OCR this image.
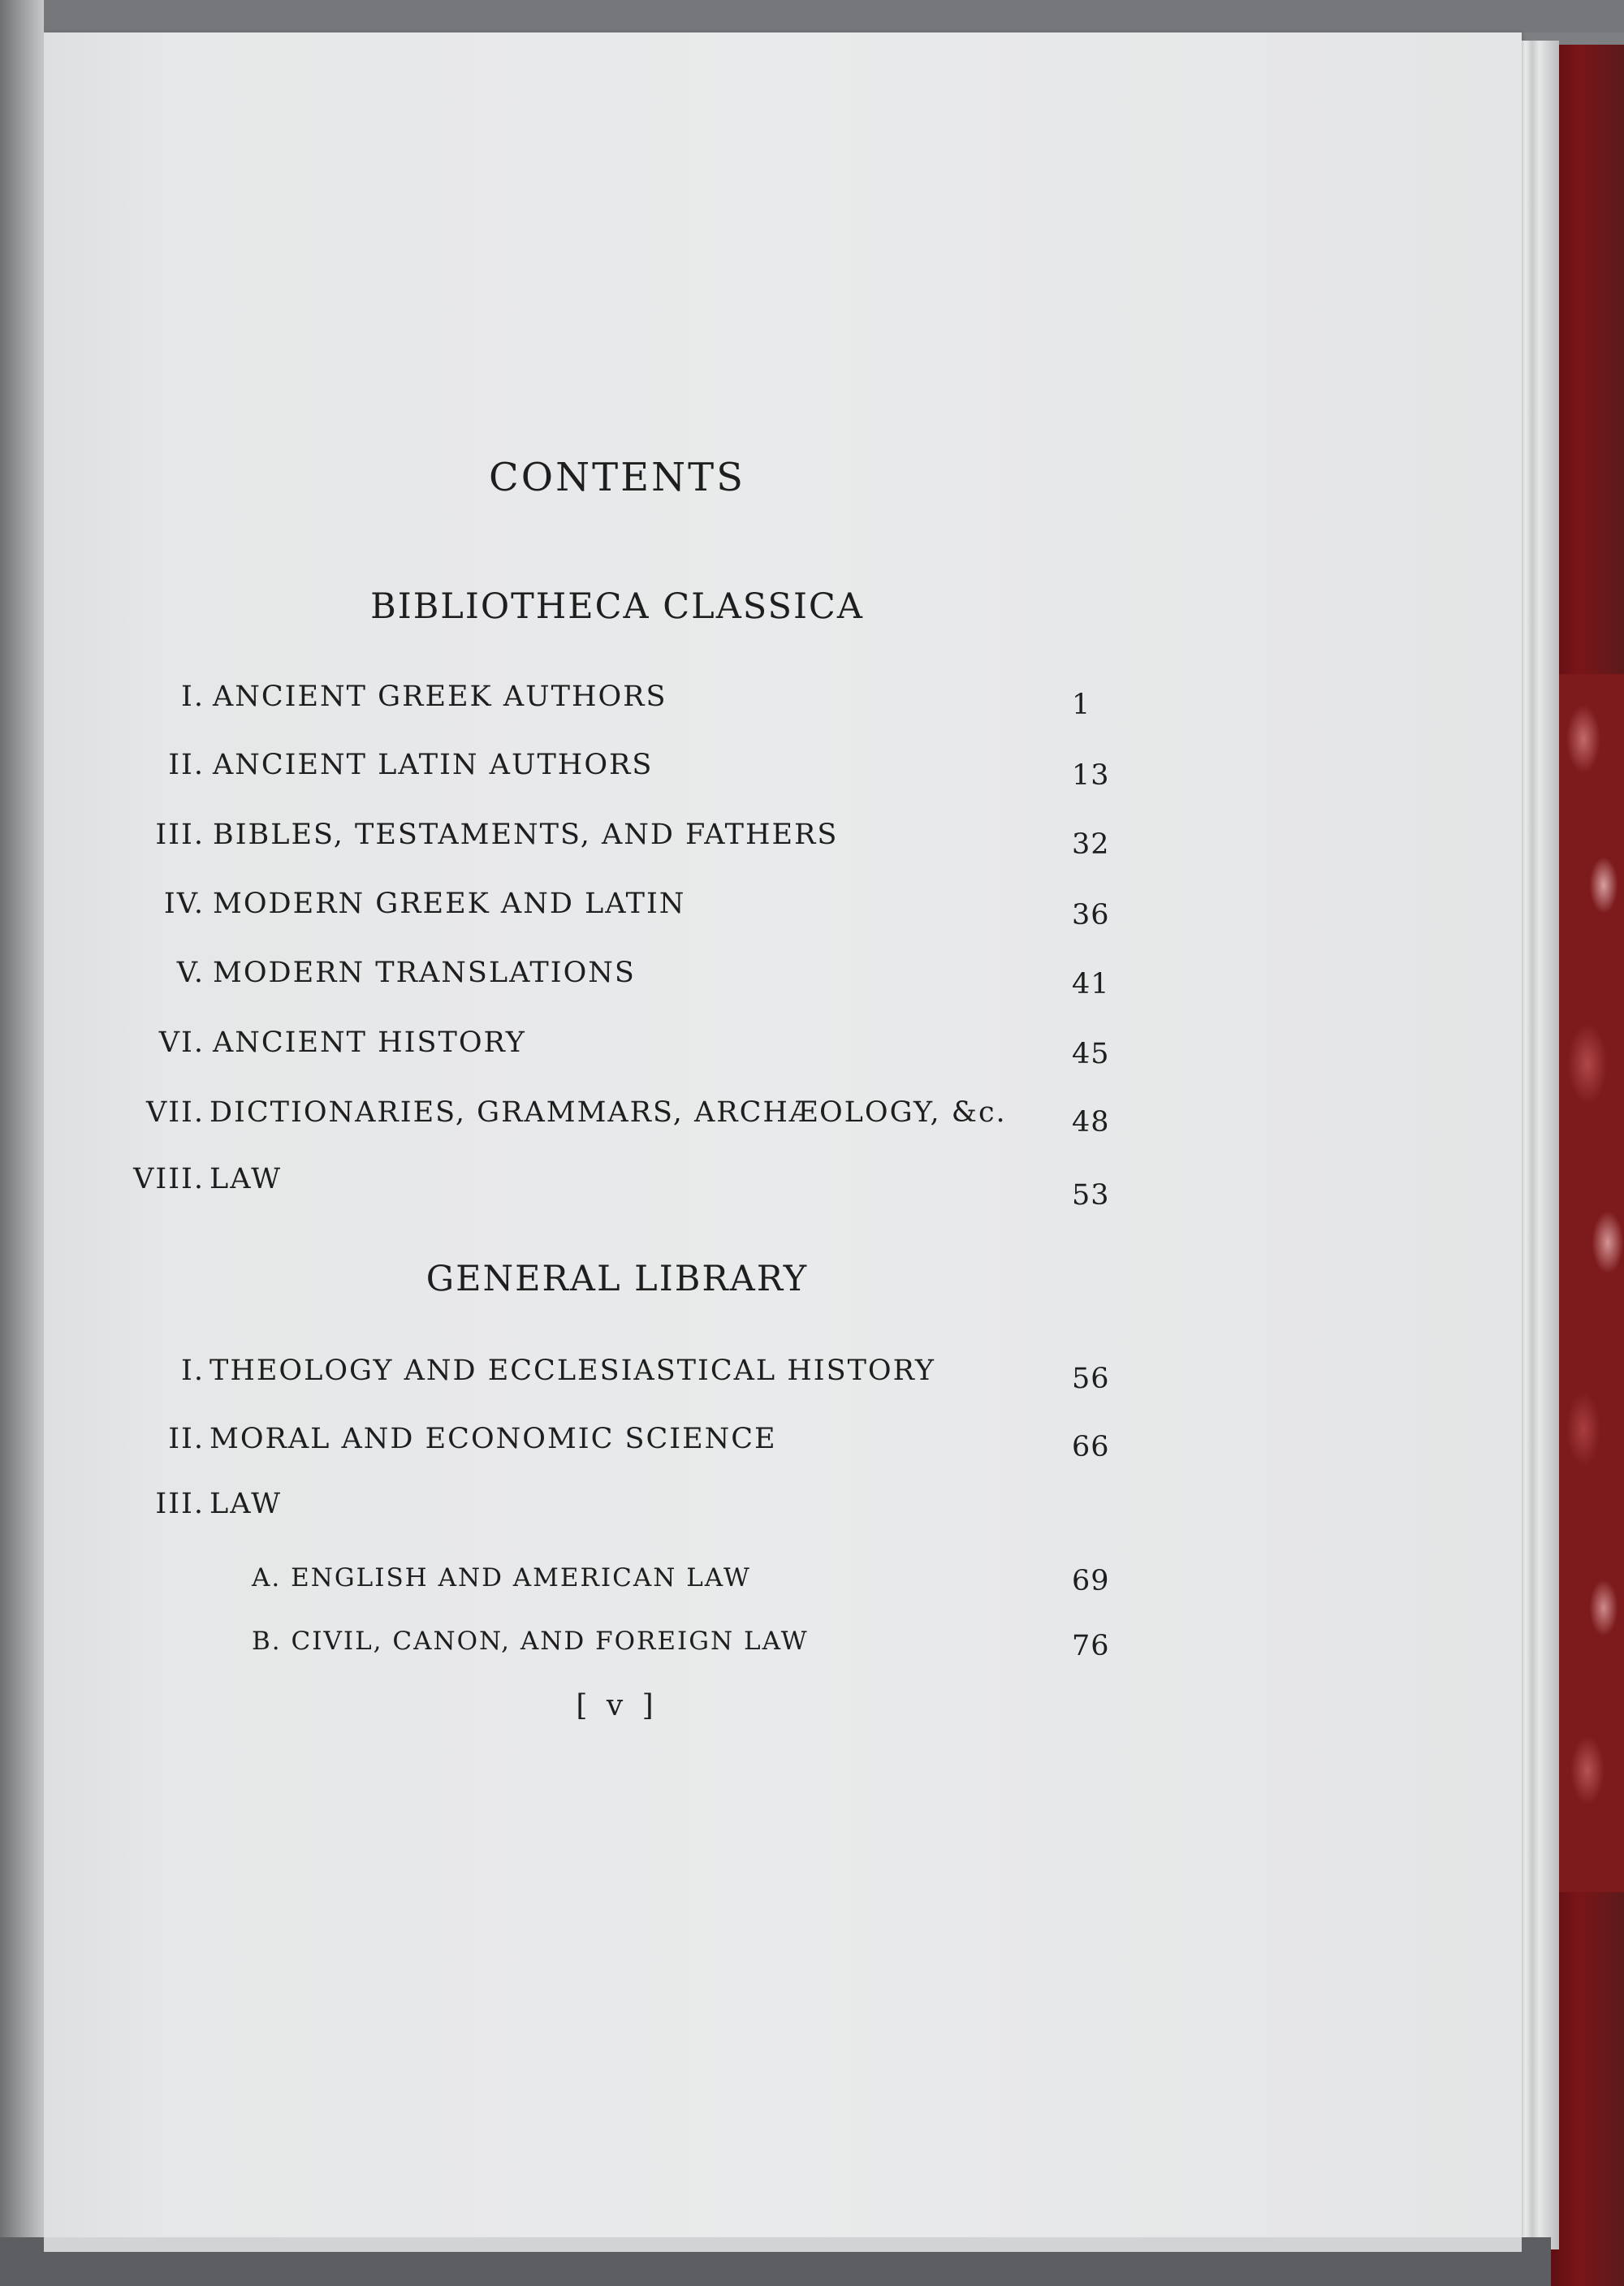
CONTENTS
BIBLIOTHECA CLASSICA
I. ANCIENT GREEK AUTHORS	1
II. ANCIENT LATIN AUTHORS	13
III. BIBLES, TESTAMENTS, AND FATHERS	32
IV. MODERN GREEK AND LATIN	36
V. MODERN TRANSLATIONS	41
VI. ANCIENT HISTORY	45
VII. DICTIONARIES, GRAMMARS, ARCHÆOLOGY, &c. 48
VIII. LAW	53
GENERAL LIBRARY
I. THEOLOGY AND ECCLESIASTICAL HISTORY	56
II. MORAL AND ECONOMIC SCIENCE	66
III. LAW
A. ENGLISH AND AMERICAN LAW	69
B. CIVIL, CANON, AND FOREIGN LAW	76
[ v ]
